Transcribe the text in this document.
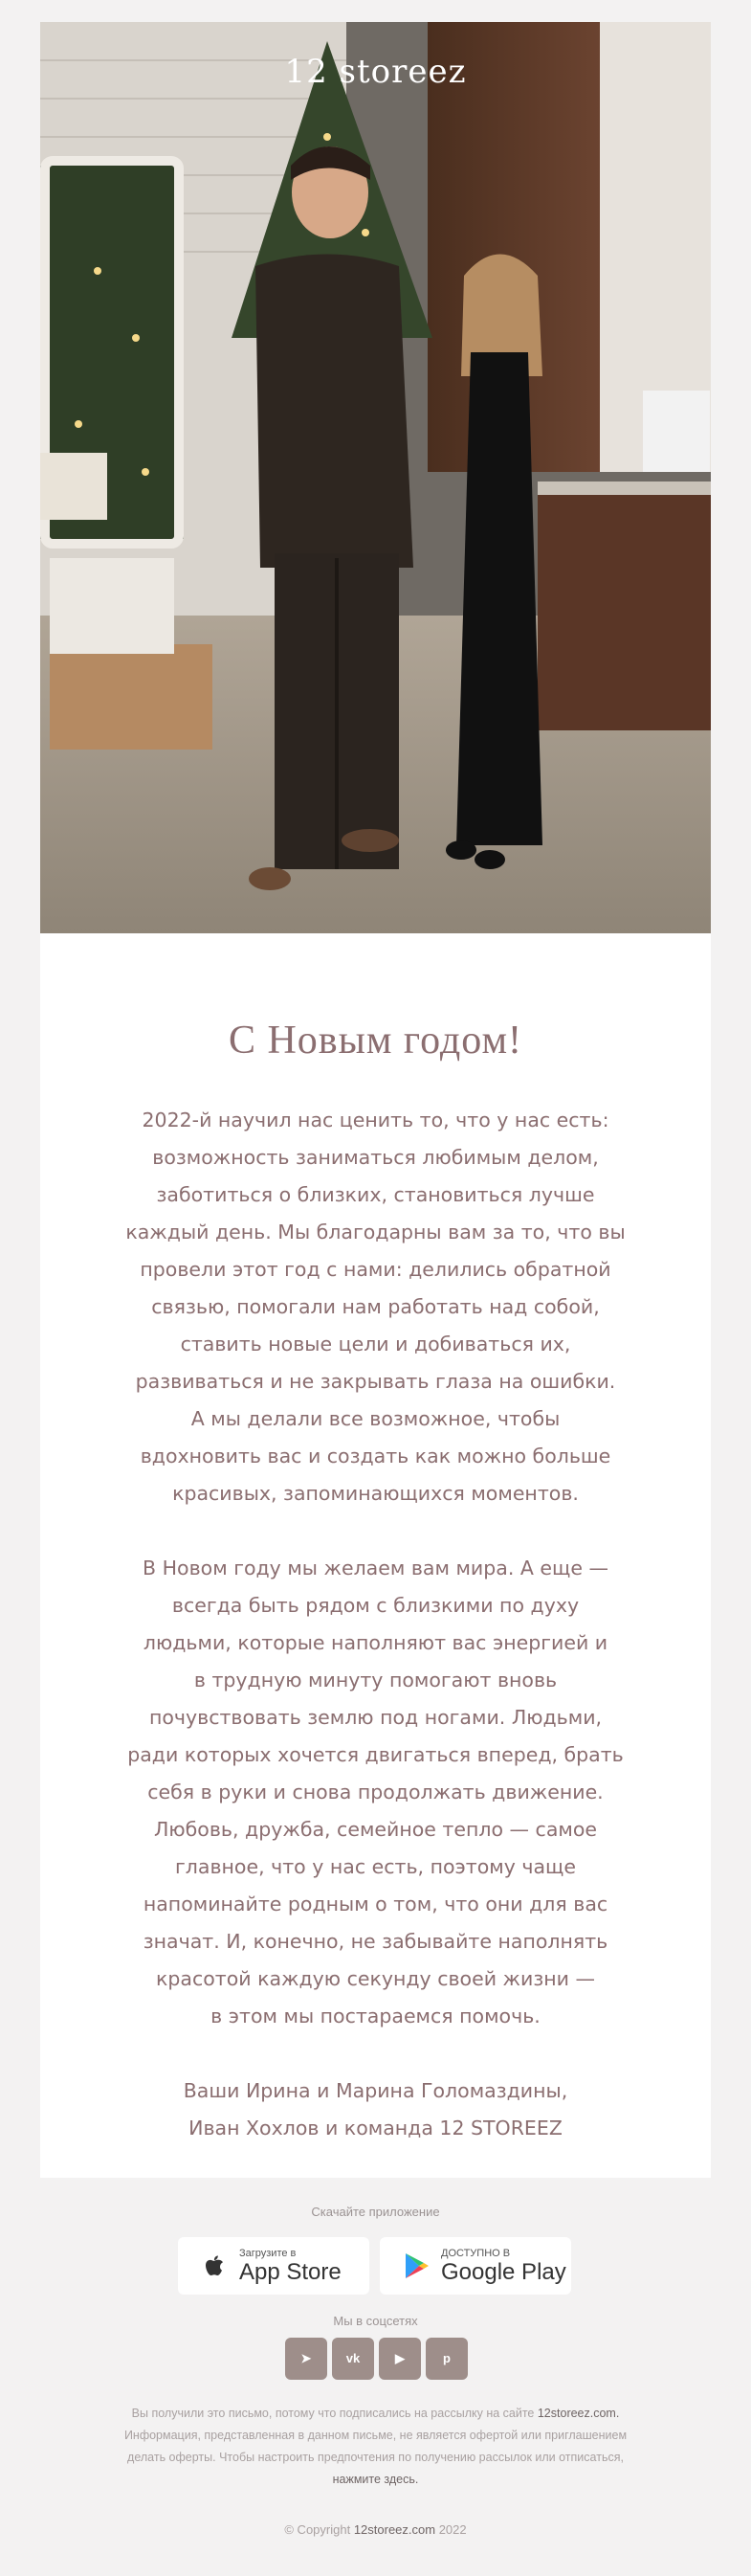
12 storeez
С Новым годом!
2022-й научил нас ценить то, что у нас есть:
возможность заниматься любимым делом,
заботиться о близких, становиться лучше
каждый день. Мы благодарны вам за то, что вы
провели этот год с нами: делились обратной
связью, помогали нам работать над собой,
ставить новые цели и добиваться их,
развиваться и не закрывать глаза на ошибки.
А мы делали все возможное, чтобы
вдохновить вас и создать как можно больше
красивых, запоминающихся моментов.
В Новом году мы желаем вам мира. А еще —
всегда быть рядом с близкими по духу
людьми, которые наполняют вас энергией и
в трудную минуту помогают вновь
почувствовать землю под ногами. Людьми,
ради которых хочется двигаться вперед, брать
себя в руки и снова продолжать движение.
Любовь, дружба, семейное тепло — самое
главное, что у нас есть, поэтому чаще
напоминайте родным о том, что они для вас
значат. И, конечно, не забывайте наполнять
красотой каждую секунду своей жизни —
в этом мы постараемся помочь.
Ваши Ирина и Марина Голомаздины,
Иван Хохлов и команда 12 STOREEZ
Скачайте приложение
Загрузите в
App Store
ДОСТУПНО В
Google Play
Мы в соцсетях
➤	vk	▶	p
Вы получили это письмо, потому что подписались на рассылку на сайте 12storeez.com. Информация, представленная в данном письме, не является офертой или приглашением делать оферты. Чтобы настроить предпочтения по получению рассылок или отписаться, нажмите здесь.
© Copyright 12storeez.com 2022
